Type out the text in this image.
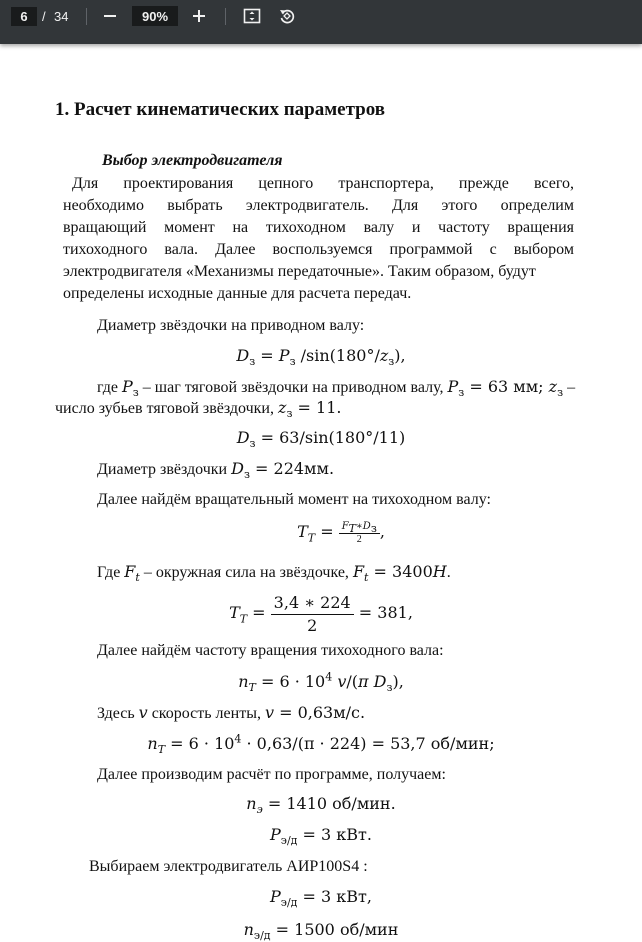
6
/ 34
90%
1. Расчет кинематических параметров
Выбор электродвигателя
Для проектирования цепного транспортера, прежде всего,
необходимо выбрать электродвигатель. Для этого определим
вращающий момент на тихоходном валу и частоту вращения
тихоходного вала. Далее воспользуемся программой с выбором
электродвигателя «Механизмы передаточные». Таким образом, будут
определены исходные данные для расчета передач.
Диаметр звёздочки на приводном валу:
$D_з = P_з$ $/\sin(180^\circ/z_з)$,
где $P_з$ – шаг тяговой звёздочки на приводном валу, $P_з = 63$ мм; $z_з$ –
число зубьев тяговой звёздочки, $z_з = 11$.
$D_з = 63/\sin(180^\circ/11)$
Диаметр звёздочки $D_з = 224мм$.
Далее найдём вращательный момент на тихоходном валу:
$T_T = \frac{F_T∗D_з}{2}$ ,
Где $F_t$ – окружная сила на звёздочке, $F_t = 3400H$.
$T_T = \frac{3,4 ∗ 224}{2} = 381$,
Далее найдём частоту вращения тихоходного вала:
$n_T = 6 \cdot 10^4$ v/(π $D_з$),
Здесь v скорость ленты, v = 0,63м/с.
$n_T = 6 \cdot 10^4 \cdot 0,63/(\pi \cdot 224) = 53,7$ об/мин;
Далее производим расчёт по программе, получаем:
$n_э = 1410$ об/мин.
$P_{э/д} = 3$ кВт.
Выбираем электродвигатель АИР100S4 :
$P_{э/д} = 3$ кВт,
$n_{э/д} = 1500$ об/мин
